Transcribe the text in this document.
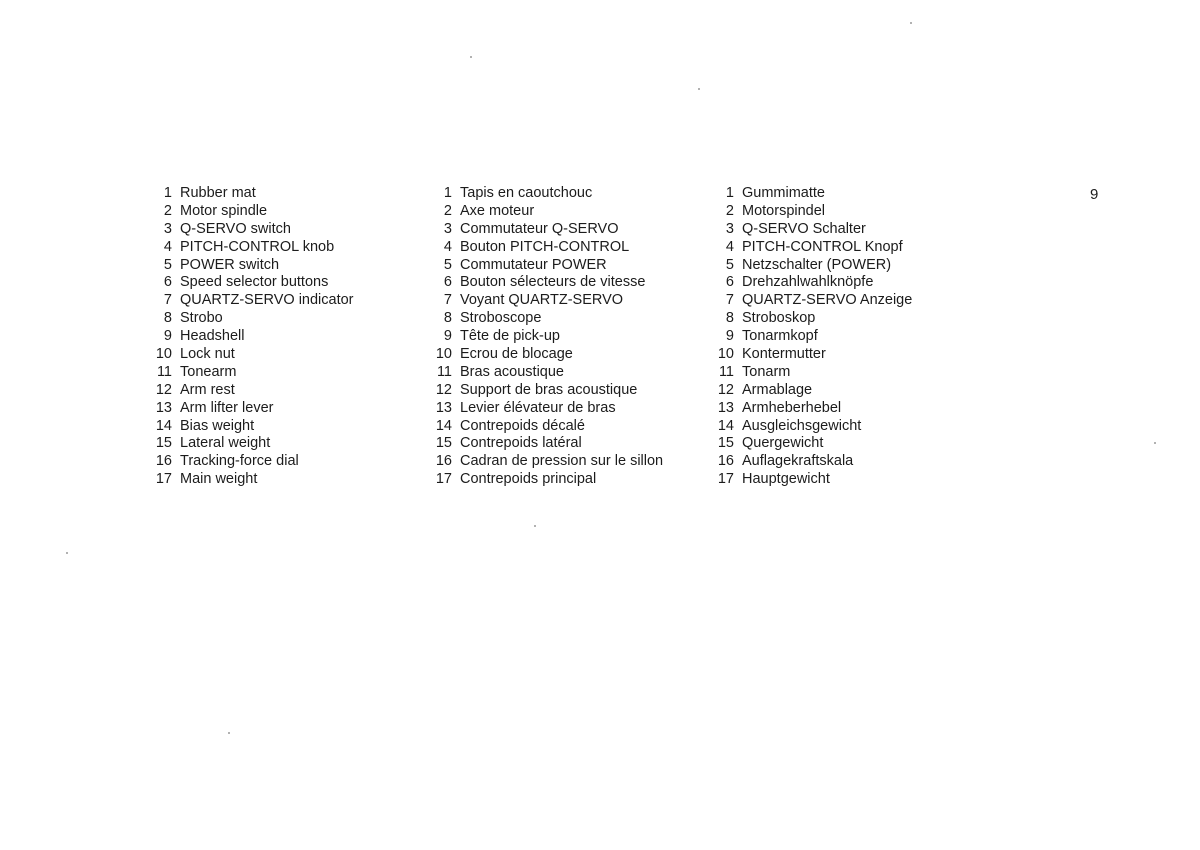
1 Rubber mat
2 Motor spindle
3 Q-SERVO switch
4 PITCH-CONTROL knob
5 POWER switch
6 Speed selector buttons
7 QUARTZ-SERVO indicator
8 Strobo
9 Headshell
10 Lock nut
11 Tonearm
12 Arm rest
13 Arm lifter lever
14 Bias weight
15 Lateral weight
16 Tracking-force dial
17 Main weight
1 Tapis en caoutchouc
2 Axe moteur
3 Commutateur Q-SERVO
4 Bouton PITCH-CONTROL
5 Commutateur POWER
6 Bouton sélecteurs de vitesse
7 Voyant QUARTZ-SERVO
8 Stroboscope
9 Tête de pick-up
10 Ecrou de blocage
11 Bras acoustique
12 Support de bras acoustique
13 Levier élévateur de bras
14 Contrepoids décalé
15 Contrepoids latéral
16 Cadran de pression sur le sillon
17 Contrepoids principal
1 Gummimatte
2 Motorspindel
3 Q-SERVO Schalter
4 PITCH-CONTROL Knopf
5 Netzschalter (POWER)
6 Drehzahlwahlknöpfe
7 QUARTZ-SERVO Anzeige
8 Stroboskop
9 Tonarmkopf
10 Kontermutter
11 Tonarm
12 Armablage
13 Armheberhebel
14 Ausgleichsgewicht
15 Quergewicht
16 Auflagekraftskala
17 Hauptgewicht
9
